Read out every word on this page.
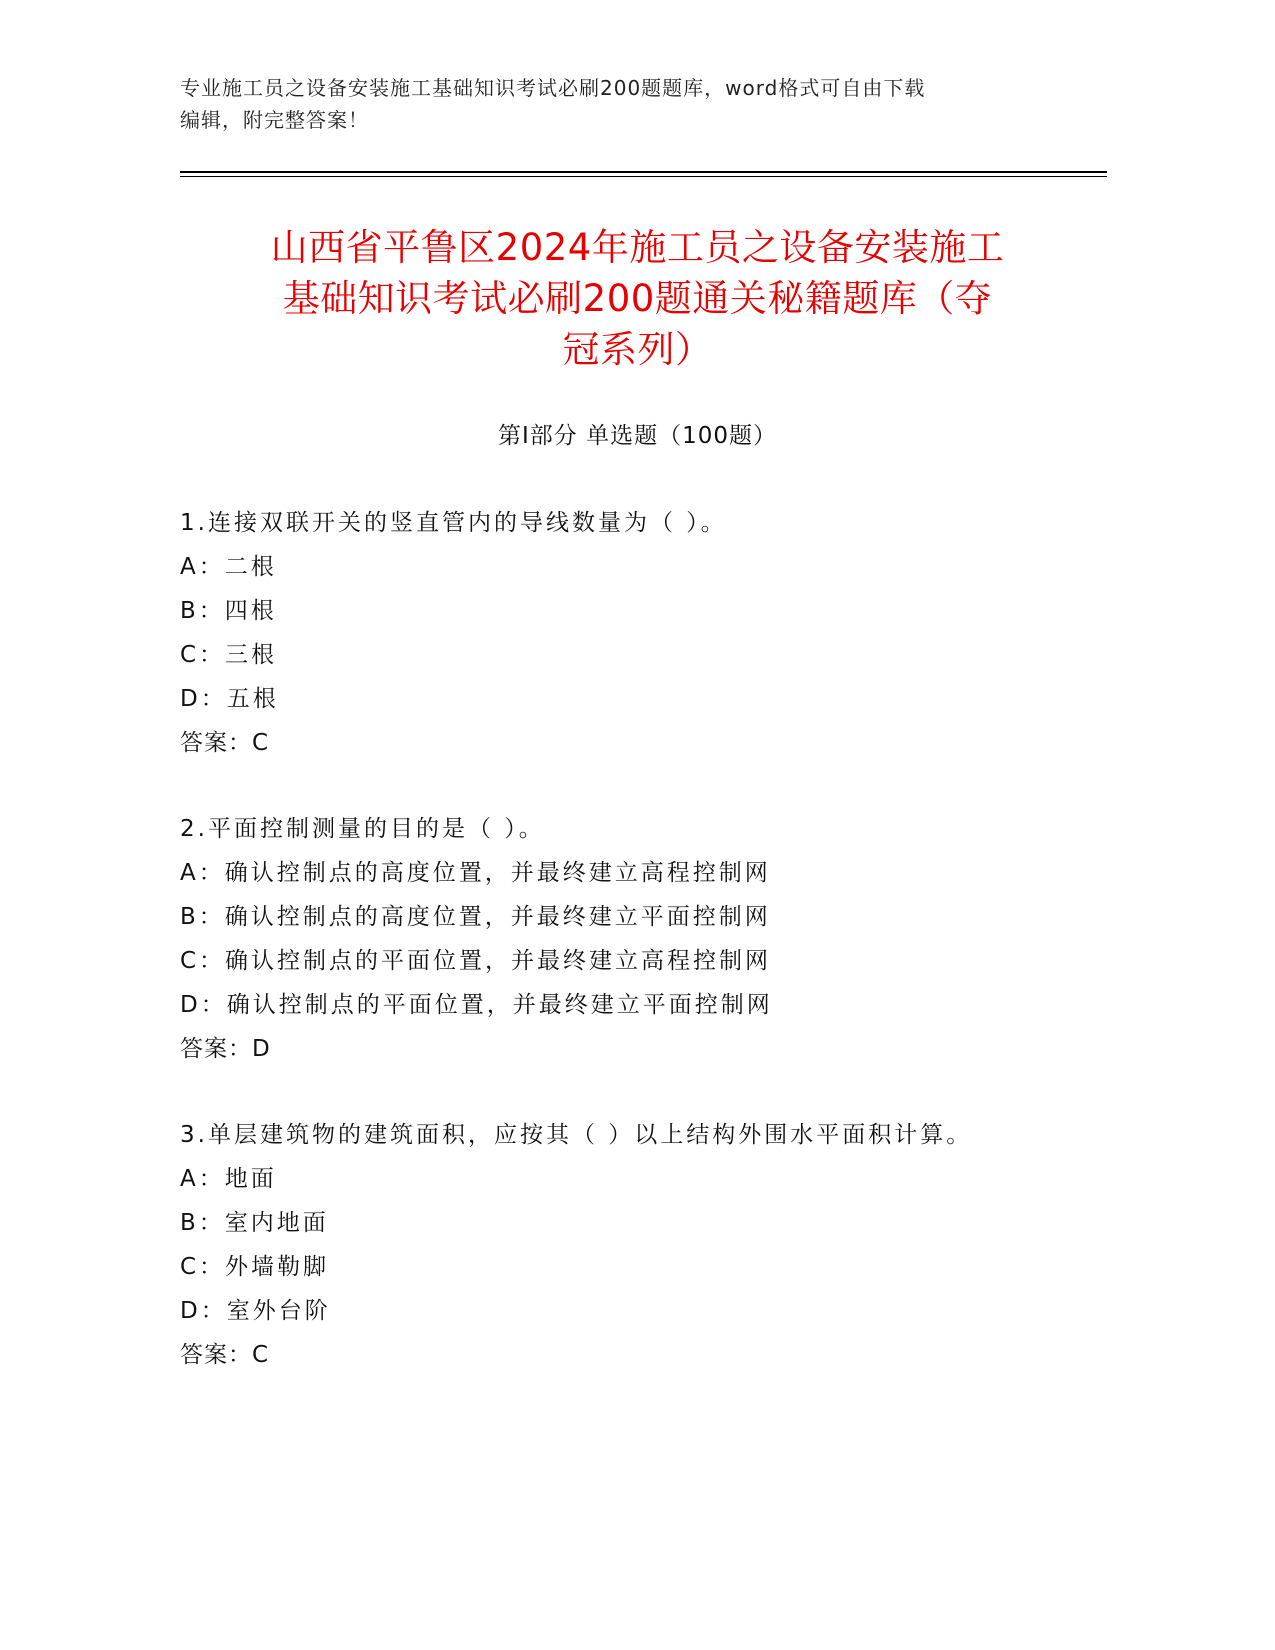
专业施工员之设备安装施工基础知识考试必刷200题题库，word格式可自由下载
编辑，附完整答案！
山西省平鲁区2024年施工员之设备安装施工
基础知识考试必刷200题通关秘籍题库（夺
冠系列）
第Ⅰ部分 单选题（100题）
1.连接双联开关的竖直管内的导线数量为（ ）。
A：二根
B：四根
C：三根
D：五根
答案：C
2.平面控制测量的目的是（ ）。
A：确认控制点的高度位置，并最终建立高程控制网
B：确认控制点的高度位置，并最终建立平面控制网
C：确认控制点的平面位置，并最终建立高程控制网
D：确认控制点的平面位置，并最终建立平面控制网
答案：D
3.单层建筑物的建筑面积，应按其（ ）以上结构外围水平面积计算。
A：地面
B：室内地面
C：外墙勒脚
D：室外台阶
答案：C
